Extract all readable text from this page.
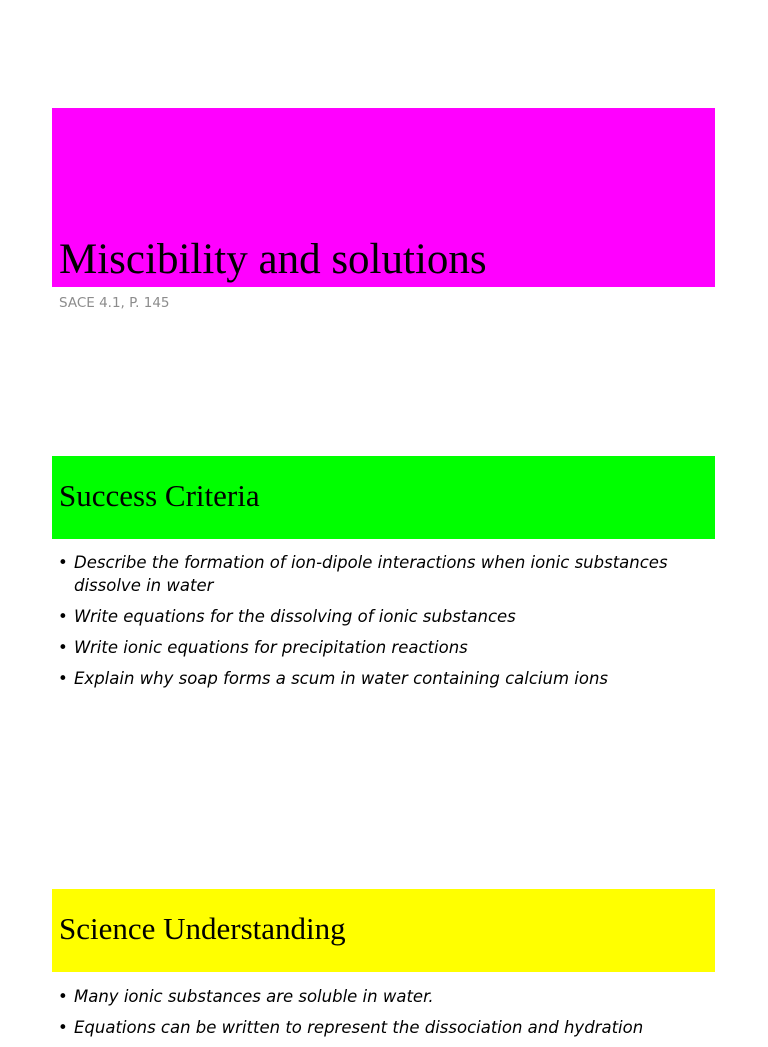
Miscibility and solutions
SACE 4.1, P. 145
Success Criteria
• Describe the formation of ion-dipole interactions when ionic substances dissolve in water
• Write equations for the dissolving of ionic substances
• Write ionic equations for precipitation reactions
• Explain why soap forms a scum in water containing calcium ions
Science Understanding
• Many ionic substances are soluble in water.
• Equations can be written to represent the dissociation and hydration
